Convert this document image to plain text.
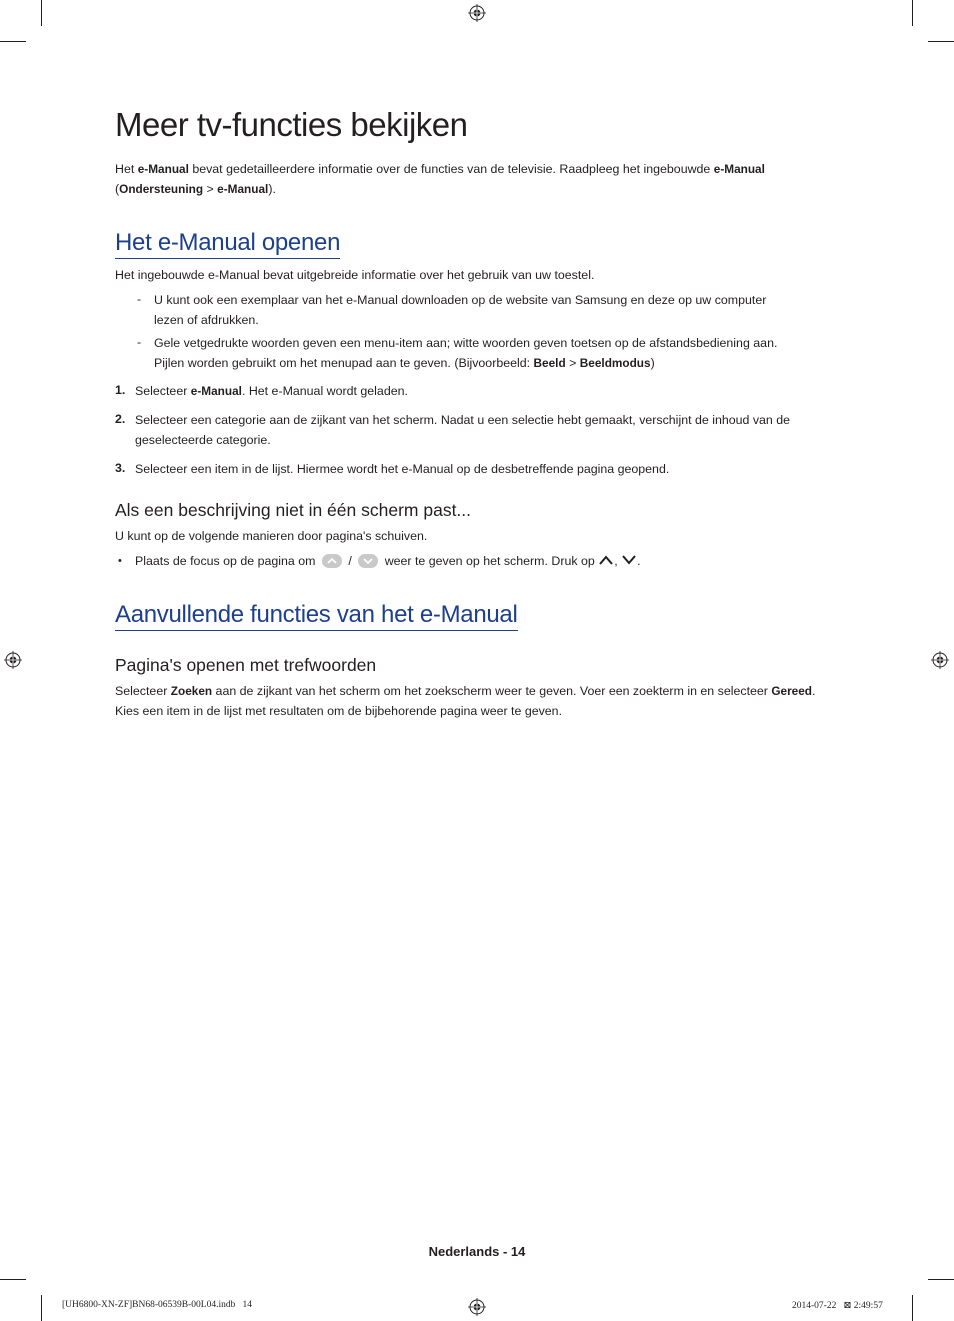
Meer tv-functies bekijken

Het e-Manual bevat gedetailleerdere informatie over de functies van de televisie. Raadpleeg het ingebouwde e-Manual
(Ondersteuning > e-Manual).

Het e-Manual openen

Het ingebouwde e-Manual bevat uitgebreide informatie over het gebruik van uw toestel.

- U kunt ook een exemplaar van het e-Manual downloaden op de website van Samsung en deze op uw computer
lezen of afdrukken.

- Gele vetgedrukte woorden geven een menu-item aan; witte woorden geven toetsen op de afstandsbediening aan.
Pijlen worden gebruikt om het menupad aan te geven. (Bijvoorbeeld: Beeld > Beeldmodus)

1. Selecteer e-Manual. Het e-Manual wordt geladen.

2. Selecteer een categorie aan de zijkant van het scherm. Nadat u een selectie hebt gemaakt, verschijnt de inhoud van de
geselecteerde categorie.

3. Selecteer een item in de lijst. Hiermee wordt het e-Manual op de desbetreffende pagina geopend.

Als een beschrijving niet in één scherm past...

U kunt op de volgende manieren door pagina's schuiven.

• Plaats de focus op de pagina om  /  weer te geven op het scherm. Druk op , .

Aanvullende functies van het e-Manual
Pagina's openen met trefwoorden

Selecteer Zoeken aan de zijkant van het scherm om het zoekscherm weer te geven. Voer een zoekterm in en selecteer Gereed.
Kies een item in de lijst met resultaten om de bijbehorende pagina weer te geven.

Nederlands - 14

[UH6800-XN-ZF]BN68-06539B-00L04.indb   14	2014-07-22   ⊠ 2:49:57
